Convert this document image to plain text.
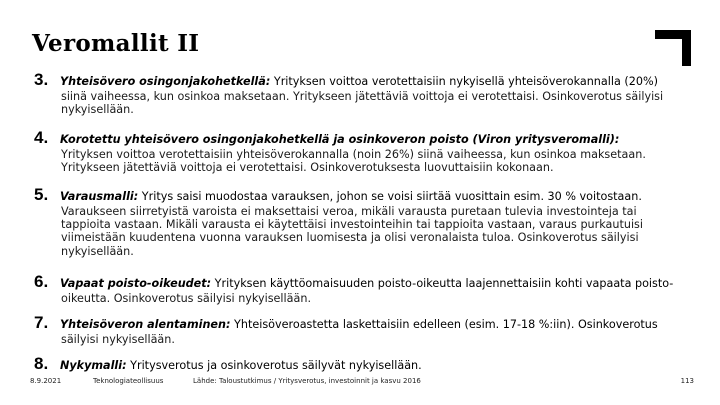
Veromallit II
3.	Yhteisövero osingonjakohetkellä: Yrityksen voittoa verotettaisiin nykyisellä yhteisöverokannalla (20%)
siinä vaiheessa, kun osinkoa maksetaan. Yritykseen jätettäviä voittoja ei verotettaisi. Osinkoverotus säilyisi nykyisellään.
4.	Korotettu yhteisövero osingonjakohetkellä ja osinkoveron poisto (Viron yritysveromalli):
Yrityksen voittoa verotettaisiin yhteisöverokannalla (noin 26%) siinä vaiheessa, kun osinkoa maksetaan. Yritykseen jätettäviä voittoja ei verotettaisi. Osinkoverotuksesta luovuttaisiin kokonaan.
5.	Varausmalli: Yritys saisi muodostaa varauksen, johon se voisi siirtää vuosittain esim. 30 % voitostaan.
Varaukseen siirretyistä varoista ei maksettaisi veroa, mikäli varausta puretaan tulevia investointeja tai tappioita vastaan. Mikäli varausta ei käytettäisi investointeihin tai tappioita vastaan, varaus purkautuisi viimeistään kuudentena vuonna varauksen luomisesta ja olisi veronalaista tuloa. Osinkoverotus säilyisi nykyisellään.
6.	Vapaat poisto-oikeudet: Yrityksen käyttöomaisuuden poisto-oikeutta laajennettaisiin kohti vapaata poisto-
oikeutta. Osinkoverotus säilyisi nykyisellään.
7.	Yhteisöveron alentaminen: Yhteisöveroastetta laskettaisiin edelleen (esim. 17-18 %:iin). Osinkoverotus
säilyisi nykyisellään.
8.	Nykymalli: Yritysverotus ja osinkoverotus säilyvät nykyisellään.
8.9.2021	Teknologiateollisuus	Lähde: Taloustutkimus / Yritysverotus, investoinnit ja kasvu 2016	113
